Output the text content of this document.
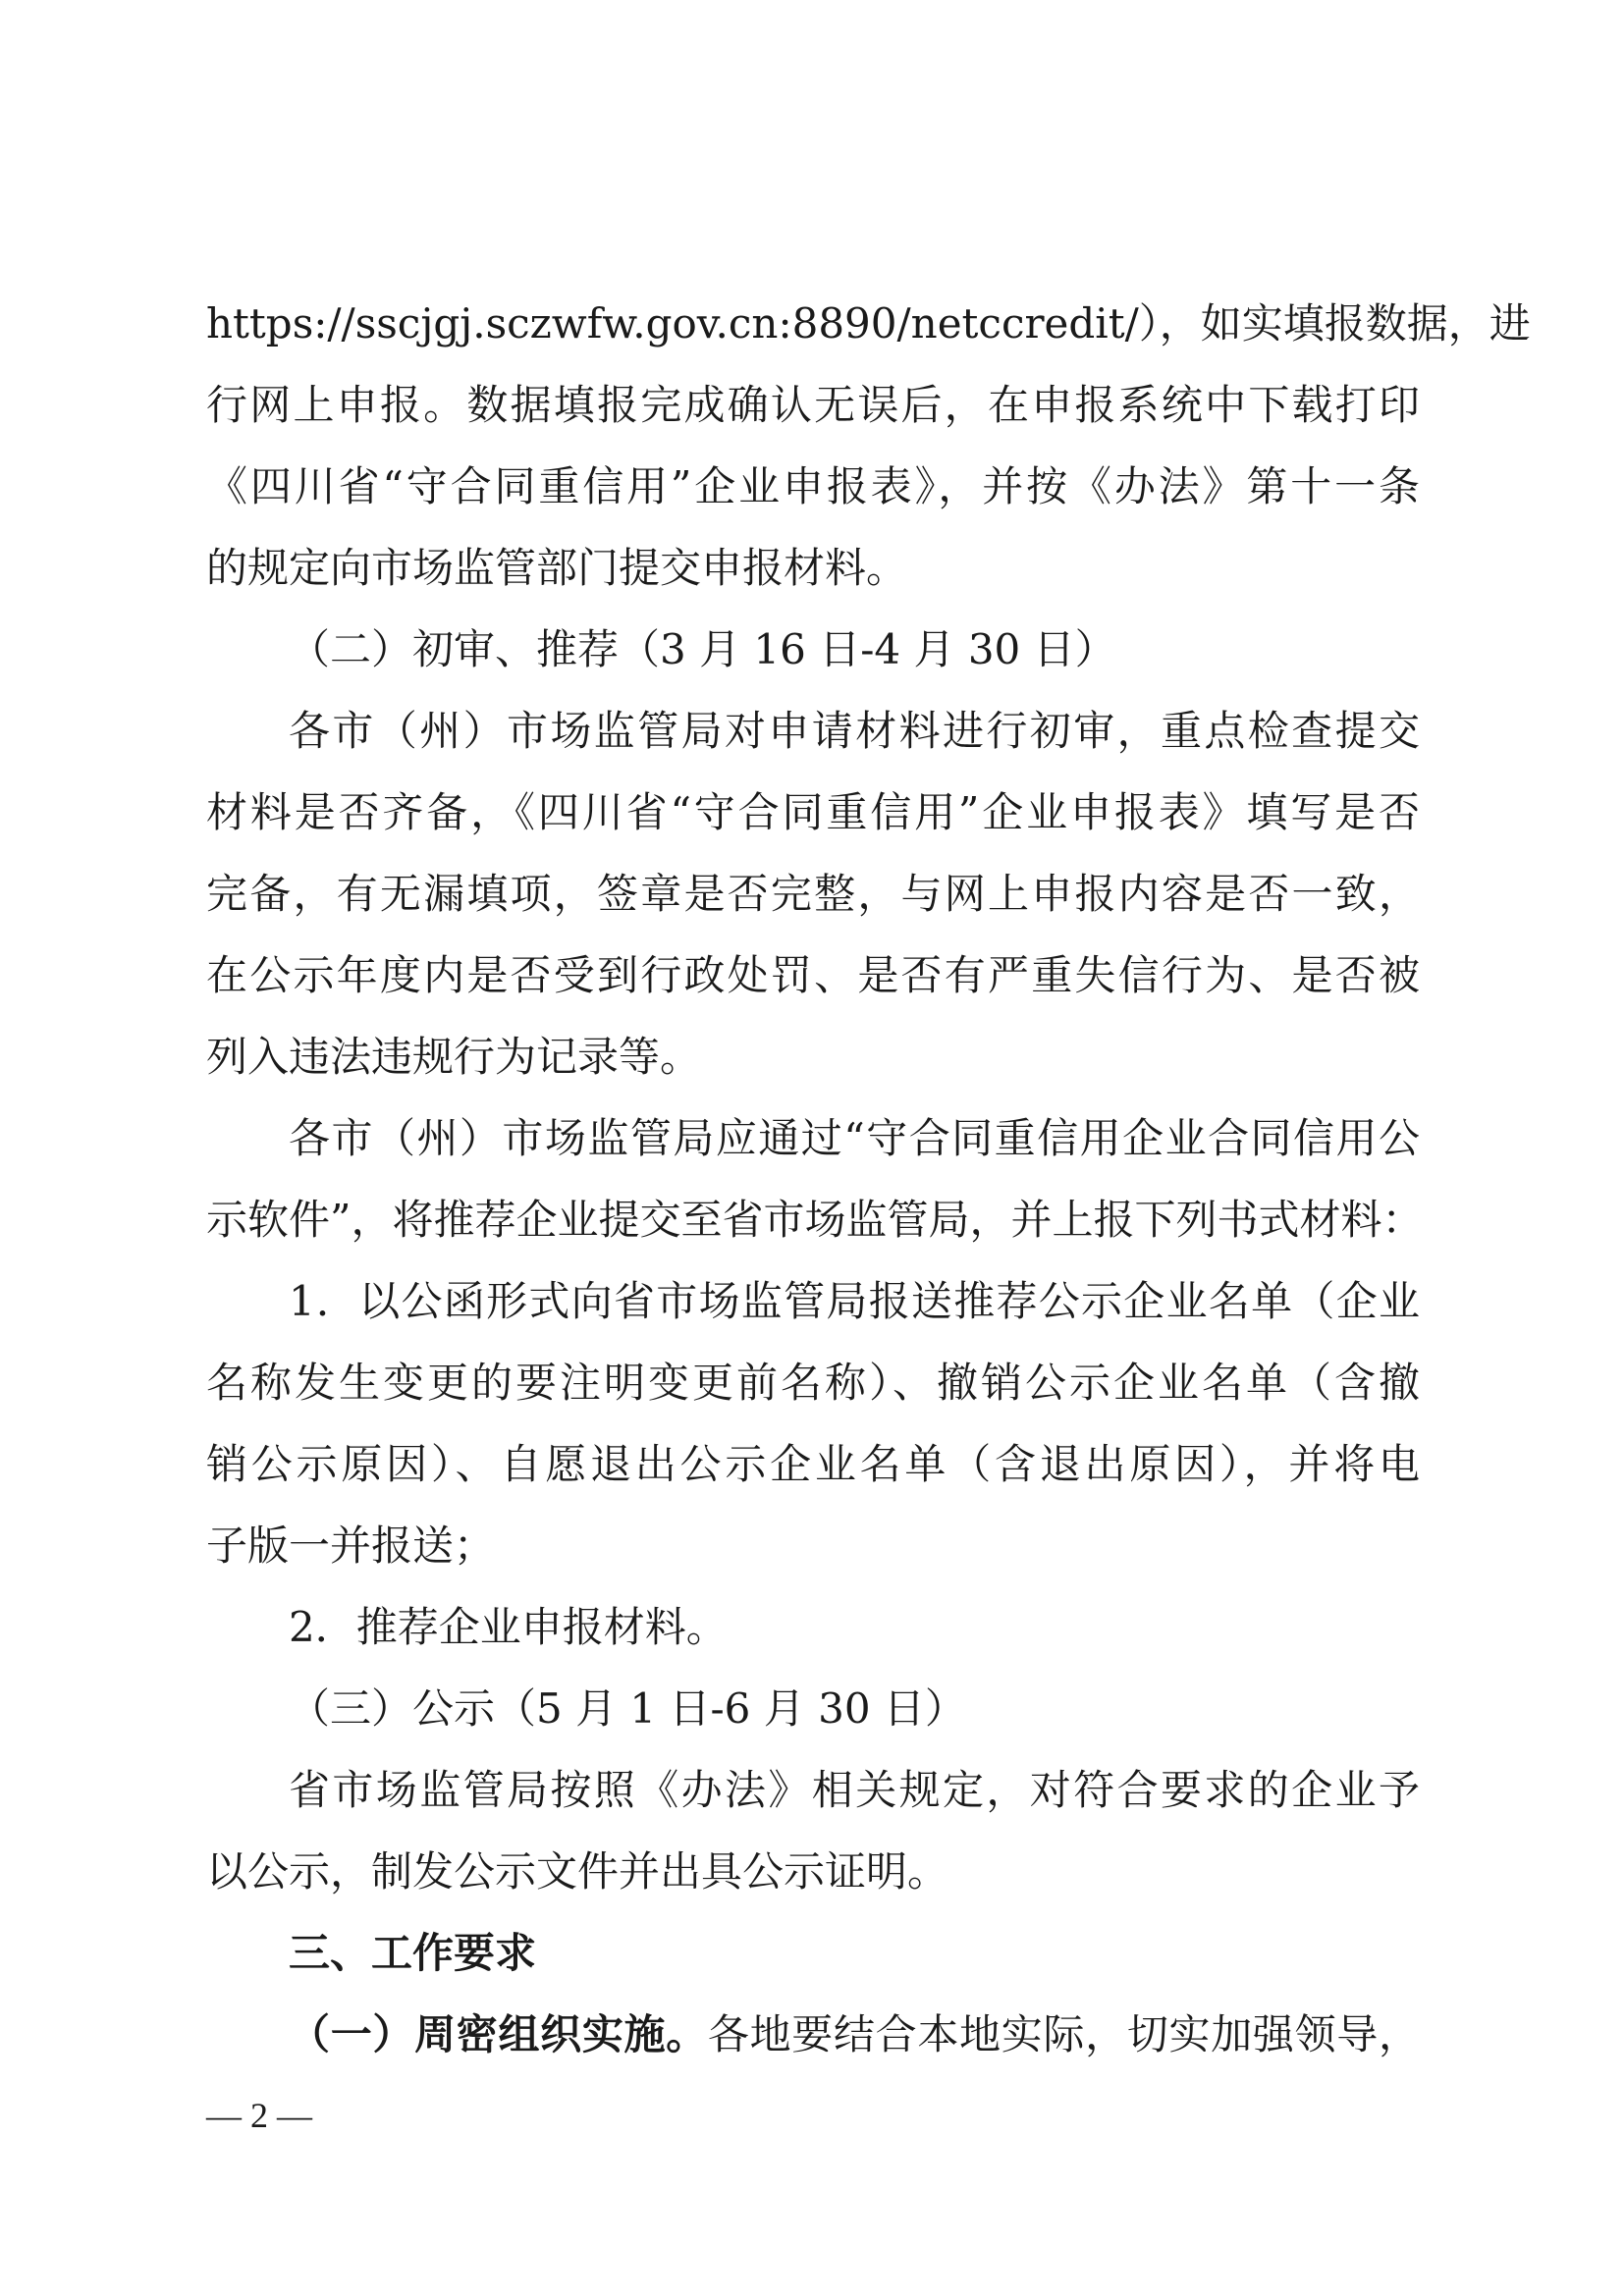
https://sscjgj.sczwfw.gov.cn:8890/netccredit/），如实填报数据，进
行网上申报。数据填报完成确认无误后，在申报系统中下载打印
《四川省“守合同重信用”企业申报表》，并按《办法》第十一条
的规定向市场监管部门提交申报材料。
（二）初审、推荐（3 月 16 日-4 月 30 日）
各市（州）市场监管局对申请材料进行初审，重点检查提交
材料是否齐备，《四川省“守合同重信用”企业申报表》填写是否
完备，有无漏填项，签章是否完整，与网上申报内容是否一致，
在公示年度内是否受到行政处罚、是否有严重失信行为、是否被
列入违法违规行为记录等。
各市（州）市场监管局应通过“守合同重信用企业合同信用公
示软件”，将推荐企业提交至省市场监管局，并上报下列书式材料：
1．以公函形式向省市场监管局报送推荐公示企业名单（企业
名称发生变更的要注明变更前名称）、撤销公示企业名单（含撤
销公示原因）、自愿退出公示企业名单（含退出原因），并将电
子版一并报送；
2．推荐企业申报材料。
（三）公示（5 月 1 日-6 月 30 日）
省市场监管局按照《办法》相关规定，对符合要求的企业予
以公示，制发公示文件并出具公示证明。
三、工作要求
（一）周密组织实施。各地要结合本地实际，切实加强领导，
— 2 —
